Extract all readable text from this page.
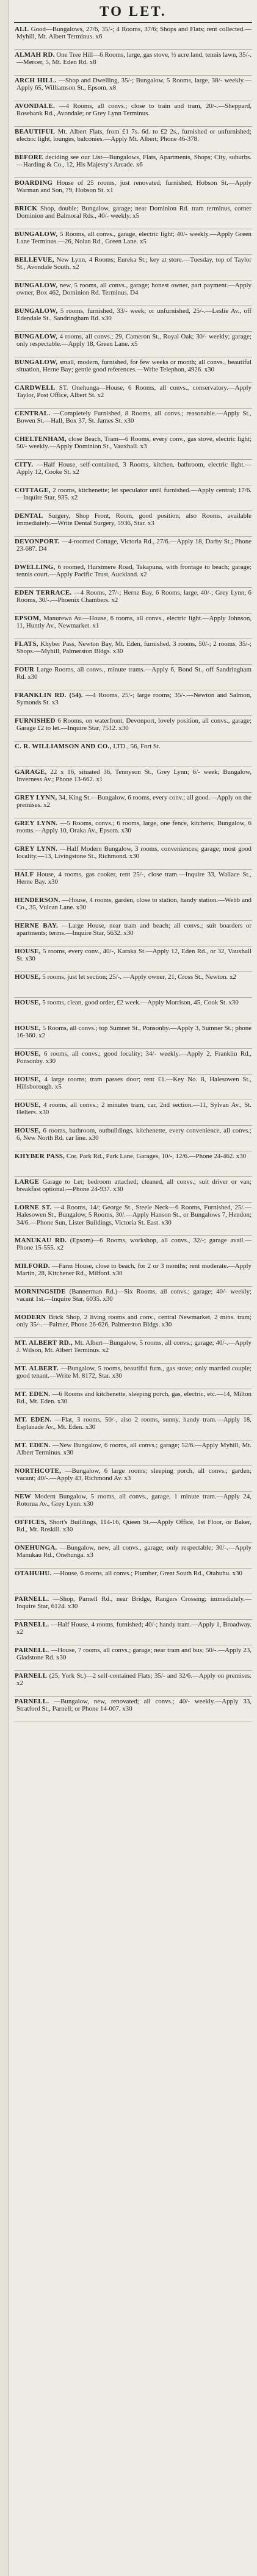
TO LET.
ALL Good—Bungalows, 27/6, 35/-; 4 Rooms, 37/6; Shops and Flats; rent collected.—Myhill, Mt. Albert Terminus. x6
ALMAH RD. One Tree Hill—6 Rooms, large, gas stove, ½ acre land, tennis lawn, 35/-.—Mercer, 5, Mt. Eden Rd. x8
ARCH HILL. —Shop and Dwelling, 35/-; Bungalow, 5 Rooms, large, 38/- weekly.—Apply 65, Williamson St., Epsom. x8
AVONDALE. —4 Rooms, all convs.; close to train and tram, 20/-.—Sheppard, Rosebank Rd., Avondale; or Grey Lynn Terminus.
BEAUTIFUL Mt. Albert Flats, from £1 7s. 6d. to £2 2s., furnished or unfurnished; electric light, lounges, balconies.—Apply Mt. Albert; Phone 46-378.
BEFORE deciding see our List—Bungalows, Flats, Apartments, Shops; City, suburbs.—Harding & Co., 12, His Majesty's Arcade. x6
BOARDING House of 25 rooms, just renovated; furnished, Hobson St.—Apply Warman and Son, 79, Hobson St. x1
BRICK Shop, double; Bungalow, garage; near Dominion Rd. tram terminus, corner Dominion and Balmoral Rds., 40/- weekly. x5
BUNGALOW, 5 Rooms, all convs., garage, electric light; 40/- weekly.—Apply Green Lane Terminus.—26, Nolan Rd., Green Lane. x5
BELLEVUE, New Lynn, 4 Rooms; Eureka St.; key at store.—Tuesday, top of Taylor St., Avondale South. x2
BUNGALOW, new, 5 rooms, all convs., garage; honest owner, part payment.—Apply owner, Box 462, Dominion Rd. Terminus. D4
BUNGALOW, 5 rooms, furnished, 33/- week; or unfurnished, 25/-.—Leslie Av., off Edendale St., Sandringham Rd. x30
BUNGALOW, 4 rooms, all convs.; 29, Cameron St., Royal Oak; 30/- weekly; garage; only respectable.—Apply 18, Green Lane. x5
BUNGALOW, small, modern, furnished, for few weeks or month; all convs., beautiful situation, Herne Bay; gentle good references.—Write Telephon, 4926. x30
CARDWELL ST. Onehunga—House, 6 Rooms, all convs., conservatory.—Apply Taylor, Post Office, Albert St. x2
CENTRAL. —Completely Furnished, 8 Rooms, all convs.; reasonable.—Apply St., Bowen St.—Hall, Box 37, St. James St. x30
CHELTENHAM, close Beach, Tram—6 Rooms, every conv., gas stove, electric light; 50/- weekly.—Apply Dominion St., Vauxhall. x3
CITY. —Half House, self-contained, 3 Rooms, kitchen, bathroom, electric light.—Apply 12, Cooke St. x2
COTTAGE, 2 rooms, kitchenette; let speculator until furnished.—Apply central; 17/6.—Inquire Star, 935. x2
DENTAL Surgery, Shop Front, Room, good position; also Rooms, available immediately.—Write Dental Surgery, 5936, Star. x3
DEVONPORT. —4-roomed Cottage, Victoria Rd., 27/6.—Apply 18, Darby St.; Phone 23-687. D4
DWELLING, 6 roomed, Hurstmere Road, Takapuna, with frontage to beach; garage; tennis court.—Apply Pacific Trust, Auckland. x2
EDEN TERRACE. —4 Rooms, 27/-; Herne Bay, 6 Rooms, large, 40/-; Grey Lynn, 6 Rooms, 30/-.—Phoenix Chambers. x2
EPSOM, Manurewa Av.—House, 6 rooms, all convs., electric light.—Apply Johnson, 11, Huntly Av., Newmarket. x1
FLATS, Khyber Pass, Newton Bay, Mt. Eden, furnished, 3 rooms, 50/-; 2 rooms, 35/-; Shops.—Myhill, Palmerston Bldgs. x30
FOUR Large Rooms, all convs., minute trams.—Apply 6, Bond St., off Sandringham Rd. x30
FRANKLIN RD. (54). —4 Rooms, 25/-; large rooms; 35/-.—Newton and Salmon, Symonds St. x3
FURNISHED 6 Rooms, on waterfront, Devonport, lovely position, all convs., garage; Garage £2 to let.—Inquire Star, 7512. x30
C. R. WILLIAMSON AND CO., LTD., 56, Fort St.
GARAGE, 22 x 16, situated 36, Tennyson St., Grey Lynn; 6/- week; Bungalow, Inverness Av.; Phone 13-662. x1
GREY LYNN, 34, King St.—Bungalow, 6 rooms, every conv.; all good.—Apply on the premises. x2
GREY LYNN. —5 Rooms, convs.; 6 rooms, large, one fence, kitchens; Bungalow, 6 rooms.—Apply 10, Oraka Av., Epsom. x30
GREY LYNN. —Half Modern Bungalow, 3 rooms, conveniences; garage; most good locality.—13, Livingstone St., Richmond. x30
HALF House, 4 rooms, gas cooker, rent 25/-, close tram.—Inquire 33, Wallace St., Herne Bay. x30
HENDERSON. —House, 4 rooms, garden, close to station, handy station.—Webb and Co., 35, Vulcan Lane. x30
HERNE BAY. —Large House, near tram and beach; all convs.; suit boarders or apartments; terms.—Inquire Star, 5632. x30
HOUSE, 5 rooms, every conv., 40/-, Karaka St.—Apply 12, Eden Rd., or 32, Vauxhall St. x30
HOUSE, 5 rooms, just let section; 25/-. —Apply owner, 21, Cross St., Newton. x2
HOUSE, 5 rooms, clean, good order, £2 week.—Apply Morrison, 45, Cook St. x30
HOUSE, 5 Rooms, all convs.; top Sumner St., Ponsonby.—Apply 3, Sumner St.; phone 16-360. x2
HOUSE, 6 rooms, all convs.; good locality; 34/- weekly.—Apply 2, Franklin Rd., Ponsonby. x30
HOUSE, 4 large rooms; tram passes door; rent £1.—Key No. 8, Halesowen St., Hillsborough. x5
HOUSE, 4 rooms, all convs.; 2 minutes tram, car, 2nd section.—11, Sylvan Av., St. Heliers. x30
HOUSE, 6 rooms, bathroom, outbuildings, kitchenette, every convenience, all convs.; 6, New North Rd. car line. x30
KHYBER PASS, Cor. Park Rd., Park Lane, Garages, 10/-, 12/6.—Phone 24-462. x30
LARGE Garage to Let; bedroom attached; cleaned, all convs.; suit driver or van; breakfast optional.—Phone 24-937. x30
LORNE ST. —4 Rooms, 14/; George St., Steele Neck—6 Rooms, Furnished, 25/.—Halesowen St., Bungalow, 5 Rooms, 30/.—Apply Hanson St., or Bungalows 7, Hendon; 34/6.—Phone Sun, Lister Buildings, Victoria St. East. x30
MANUKAU RD. (Epsom)—6 Rooms, workshop, all convs., 32/-; garage avail.—Phone 15-555. x2
MILFORD. —Farm House, close to beach, for 2 or 3 months; rent moderate.—Apply Martin, 28, Kitchener Rd., Milford. x30
MORNINGSIDE (Bannerman Rd.)—Six Rooms, all convs.; garage; 40/- weekly; vacant 1st.—Inquire Star, 6035. x30
MODERN Brick Shop, 2 living rooms and conv., central Newmarket, 2 mins. tram; only 35/-.—Palmer, Phone 26-626, Palmerston Bldgs. x30
MT. ALBERT RD., Mt. Albert—Bungalow, 5 rooms, all convs.; garage; 40/-.—Apply J. Wilson, Mt. Albert Terminus. x2
MT. ALBERT. —Bungalow, 5 rooms, beautiful furn., gas stove; only married couple; good tenant.—Write M. 8172, Star. x30
MT. EDEN. —6 Rooms and kitchenette, sleeping porch, gas, electric, etc.—14, Milton Rd., Mt. Eden. x30
MT. EDEN. —Flat, 3 rooms, 50/-, also 2 rooms, sunny, handy tram.—Apply 18, Esplanade Av., Mt. Eden. x30
MT. EDEN. —New Bungalow, 6 rooms, all convs.; garage; 52/6.—Apply Myhill, Mt. Albert Terminus. x30
NORTHCOTE, —Bungalow, 6 large rooms; sleeping porch, all convs.; garden; vacant; 40/-.—Apply 43, Richmond Av. x3
NEW Modern Bungalow, 5 rooms, all convs., garage, 1 minute tram.—Apply 24, Rotorua Av., Grey Lynn. x30
OFFICES, Short's Buildings, 114-16, Queen St.—Apply Office, 1st Floor, or Baker, Rd., Mt. Roskill. x30
ONEHUNGA. —Bungalow, new, all convs., garage; only respectable; 30/-.—Apply Manukau Rd., Onehunga. x3
OTAHUHU. —House, 6 rooms, all convs.; Plumber, Great South Rd., Otahuhu. x30
PARNELL. —Shop, Parnell Rd., near Bridge, Rangers Crossing; immediately.—Inquire Star, 6124. x30
PARNELL. —Half House, 4 rooms, furnished; 40/-; handy tram.—Apply 1, Broadway. x2
PARNELL. —House, 7 rooms, all convs.; garage; near tram and bus; 50/-.—Apply 23, Gladstone Rd. x30
PARNELL (25, York St.)—2 self-contained Flats; 35/- and 32/6.—Apply on premises. x2
PARNELL. —Bungalow, new, renovated; all convs.; 40/- weekly.—Apply 33, Stratford St., Parnell; or Phone 14-007. x30
